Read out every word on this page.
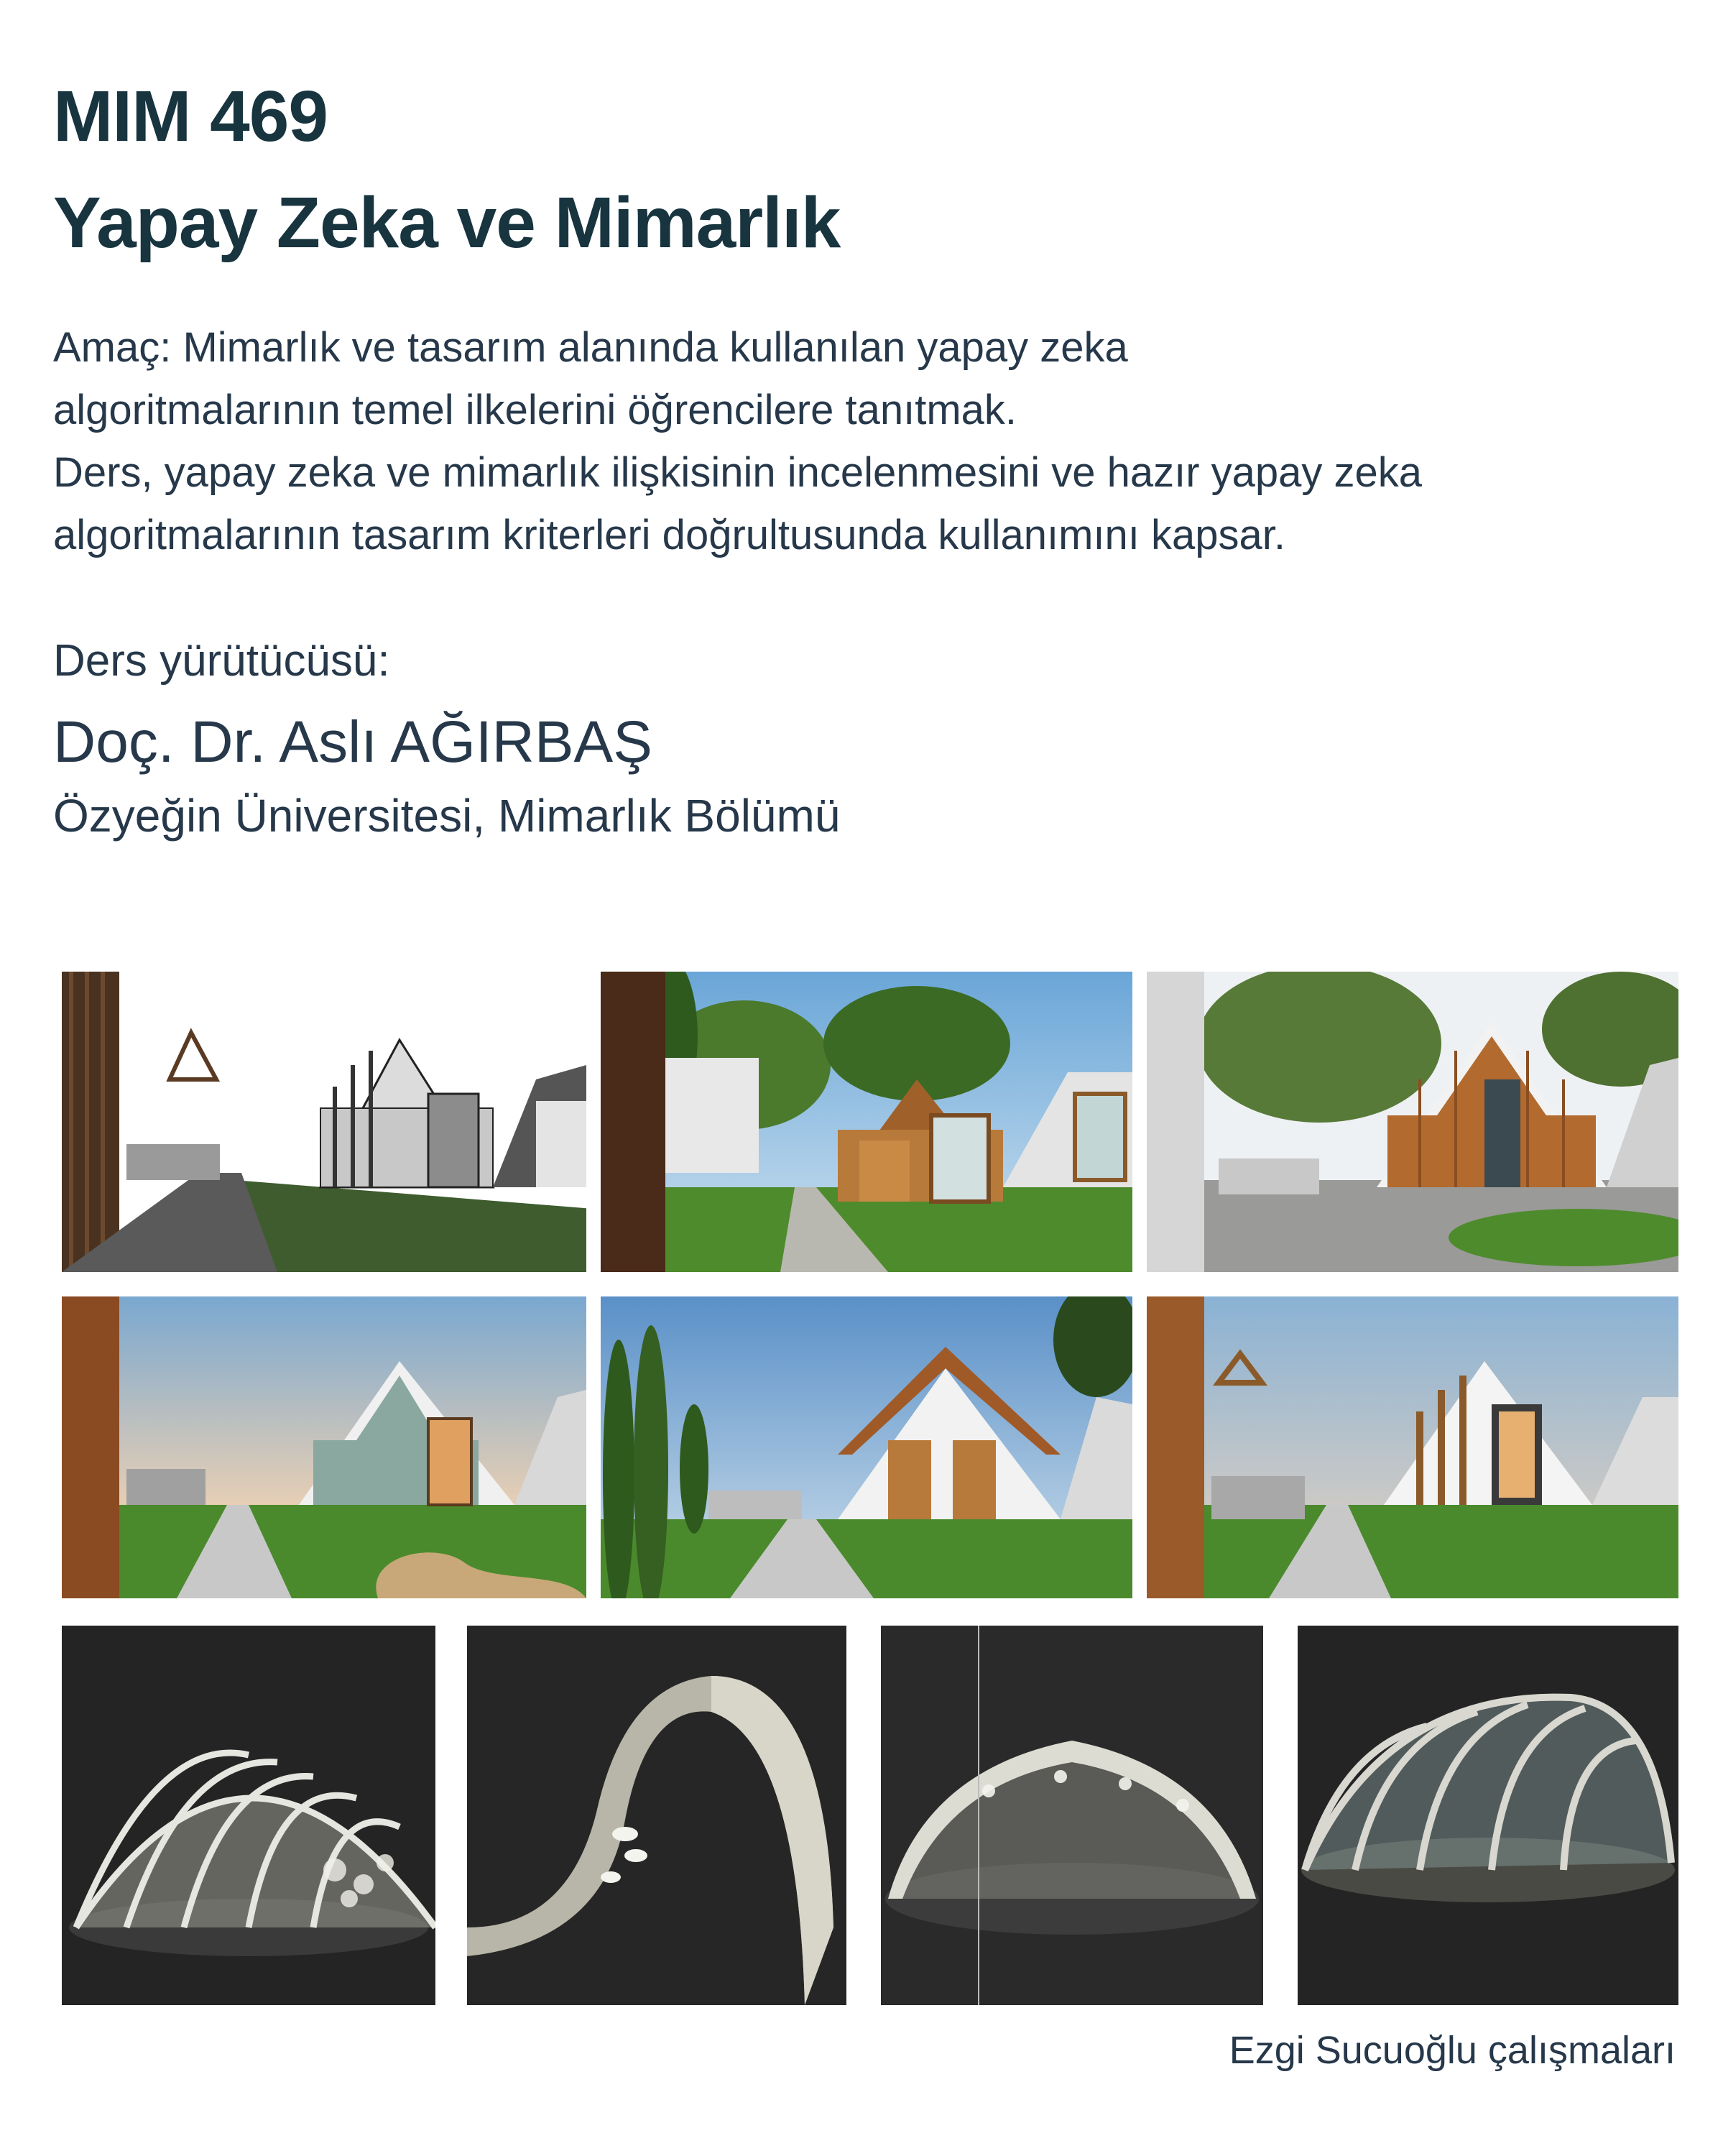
MIM 469
Yapay Zeka ve Mimarlık

Amaç: Mimarlık ve tasarım alanında kullanılan yapay zeka

algoritmalarının temel ilkelerini öğrencilere tanıtmak.

Ders, yapay zeka ve mimarlık ilişkisinin incelenmesini ve hazır yapay zeka

algoritmalarının tasarım kriterleri doğrultusunda kullanımını kapsar.

Ders yürütücüsü:
Doç. Dr. Aslı AĞIRBAŞ
Özyeğin Üniversitesi, Mimarlık Bölümü
Ezgi Sucuoğlu çalışmaları
